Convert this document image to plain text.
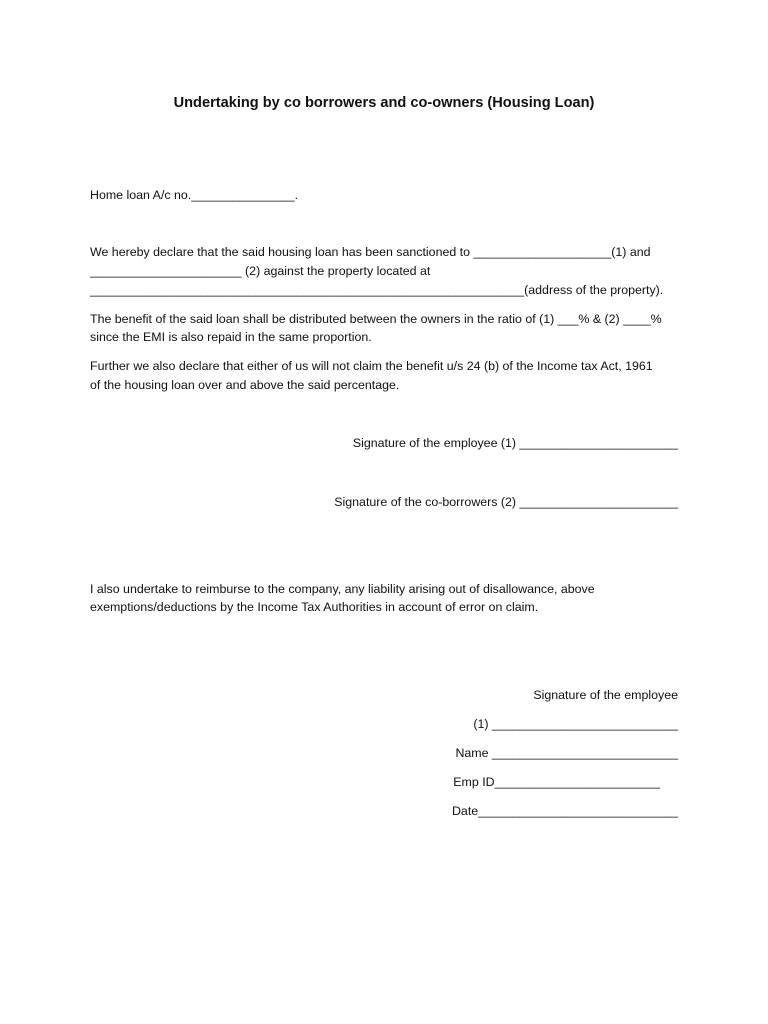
Undertaking by co borrowers and co-owners (Housing Loan)
Home loan A/c no._______________.
We hereby declare that the said housing loan has been sanctioned to ____________________(1) and
______________________ (2) against the property located at
_______________________________________________________________(address of the property).
The benefit of the said loan shall be distributed between the owners in the ratio of (1) ___% & (2) ____%
since the EMI is also repaid in the same proportion.
Further we also declare that either of us will not claim the benefit u/s 24 (b) of the Income tax Act, 1961
of the housing loan over and above the said percentage.
Signature of the employee (1) _______________________
Signature of the co-borrowers (2) _______________________
I also undertake to reimburse to the company, any liability arising out of disallowance, above
exemptions/deductions by the Income Tax Authorities in account of error on claim.
Signature of the employee
(1) ___________________________
Name ___________________________
Emp ID________________________
Date_____________________________
